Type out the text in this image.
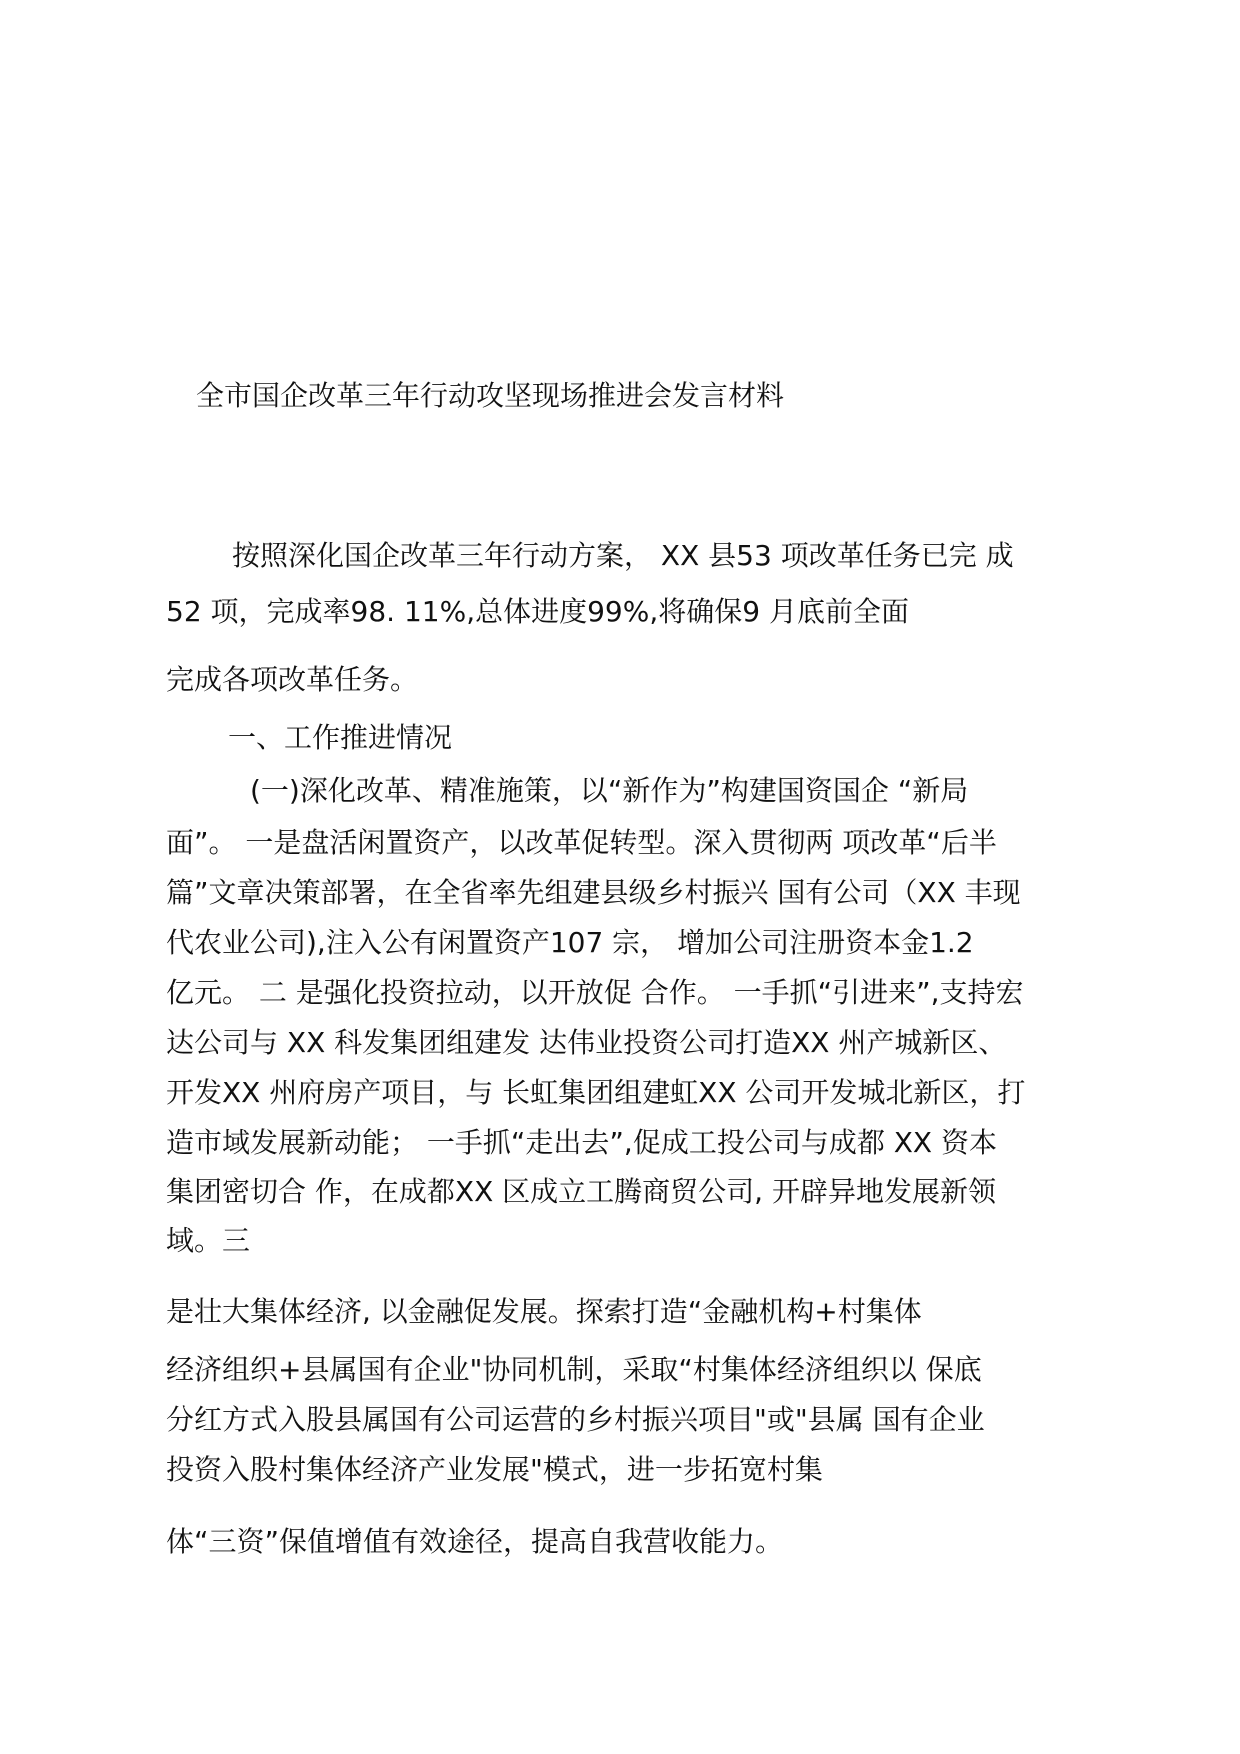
全市国企改革三年行动攻坚现场推进会发言材料
按照深化国企改革三年行动方案， XX 县53 项改革任务已完 成
52 项，完成率98. 11%,总体进度99%,将确保9 月底前全面
完成各项改革任务。
一、工作推进情况
(一)深化改革、精准施策，以“新作为”构建国资国企 “新局
面”。 一是盘活闲置资产，以改革促转型。深入贯彻两 项改革“后半
篇”文章决策部署，在全省率先组建县级乡村振兴 国有公司（XX 丰现
代农业公司),注入公有闲置资产107 宗， 增加公司注册资本金1.2
亿元。 二 是强化投资拉动，以开放促 合作。 一手抓“引进来”,支持宏
达公司与 XX 科发集团组建发 达伟业投资公司打造XX 州产城新区、
开发XX 州府房产项目，与 长虹集团组建虹XX 公司开发城北新区，打
造市域发展新动能； 一手抓“走出去”,促成工投公司与成都 XX 资本
集团密切合 作，在成都XX 区成立工腾商贸公司, 开辟异地发展新领
域。三
是壮大集体经济, 以金融促发展。探索打造“金融机构+村集体
经济组织+县属国有企业"协同机制，采取“村集体经济组织以 保底
分红方式入股县属国有公司运营的乡村振兴项目"或"县属 国有企业
投资入股村集体经济产业发展"模式，进一步拓宽村集
体“三资”保值增值有效途径，提高自我营收能力。
